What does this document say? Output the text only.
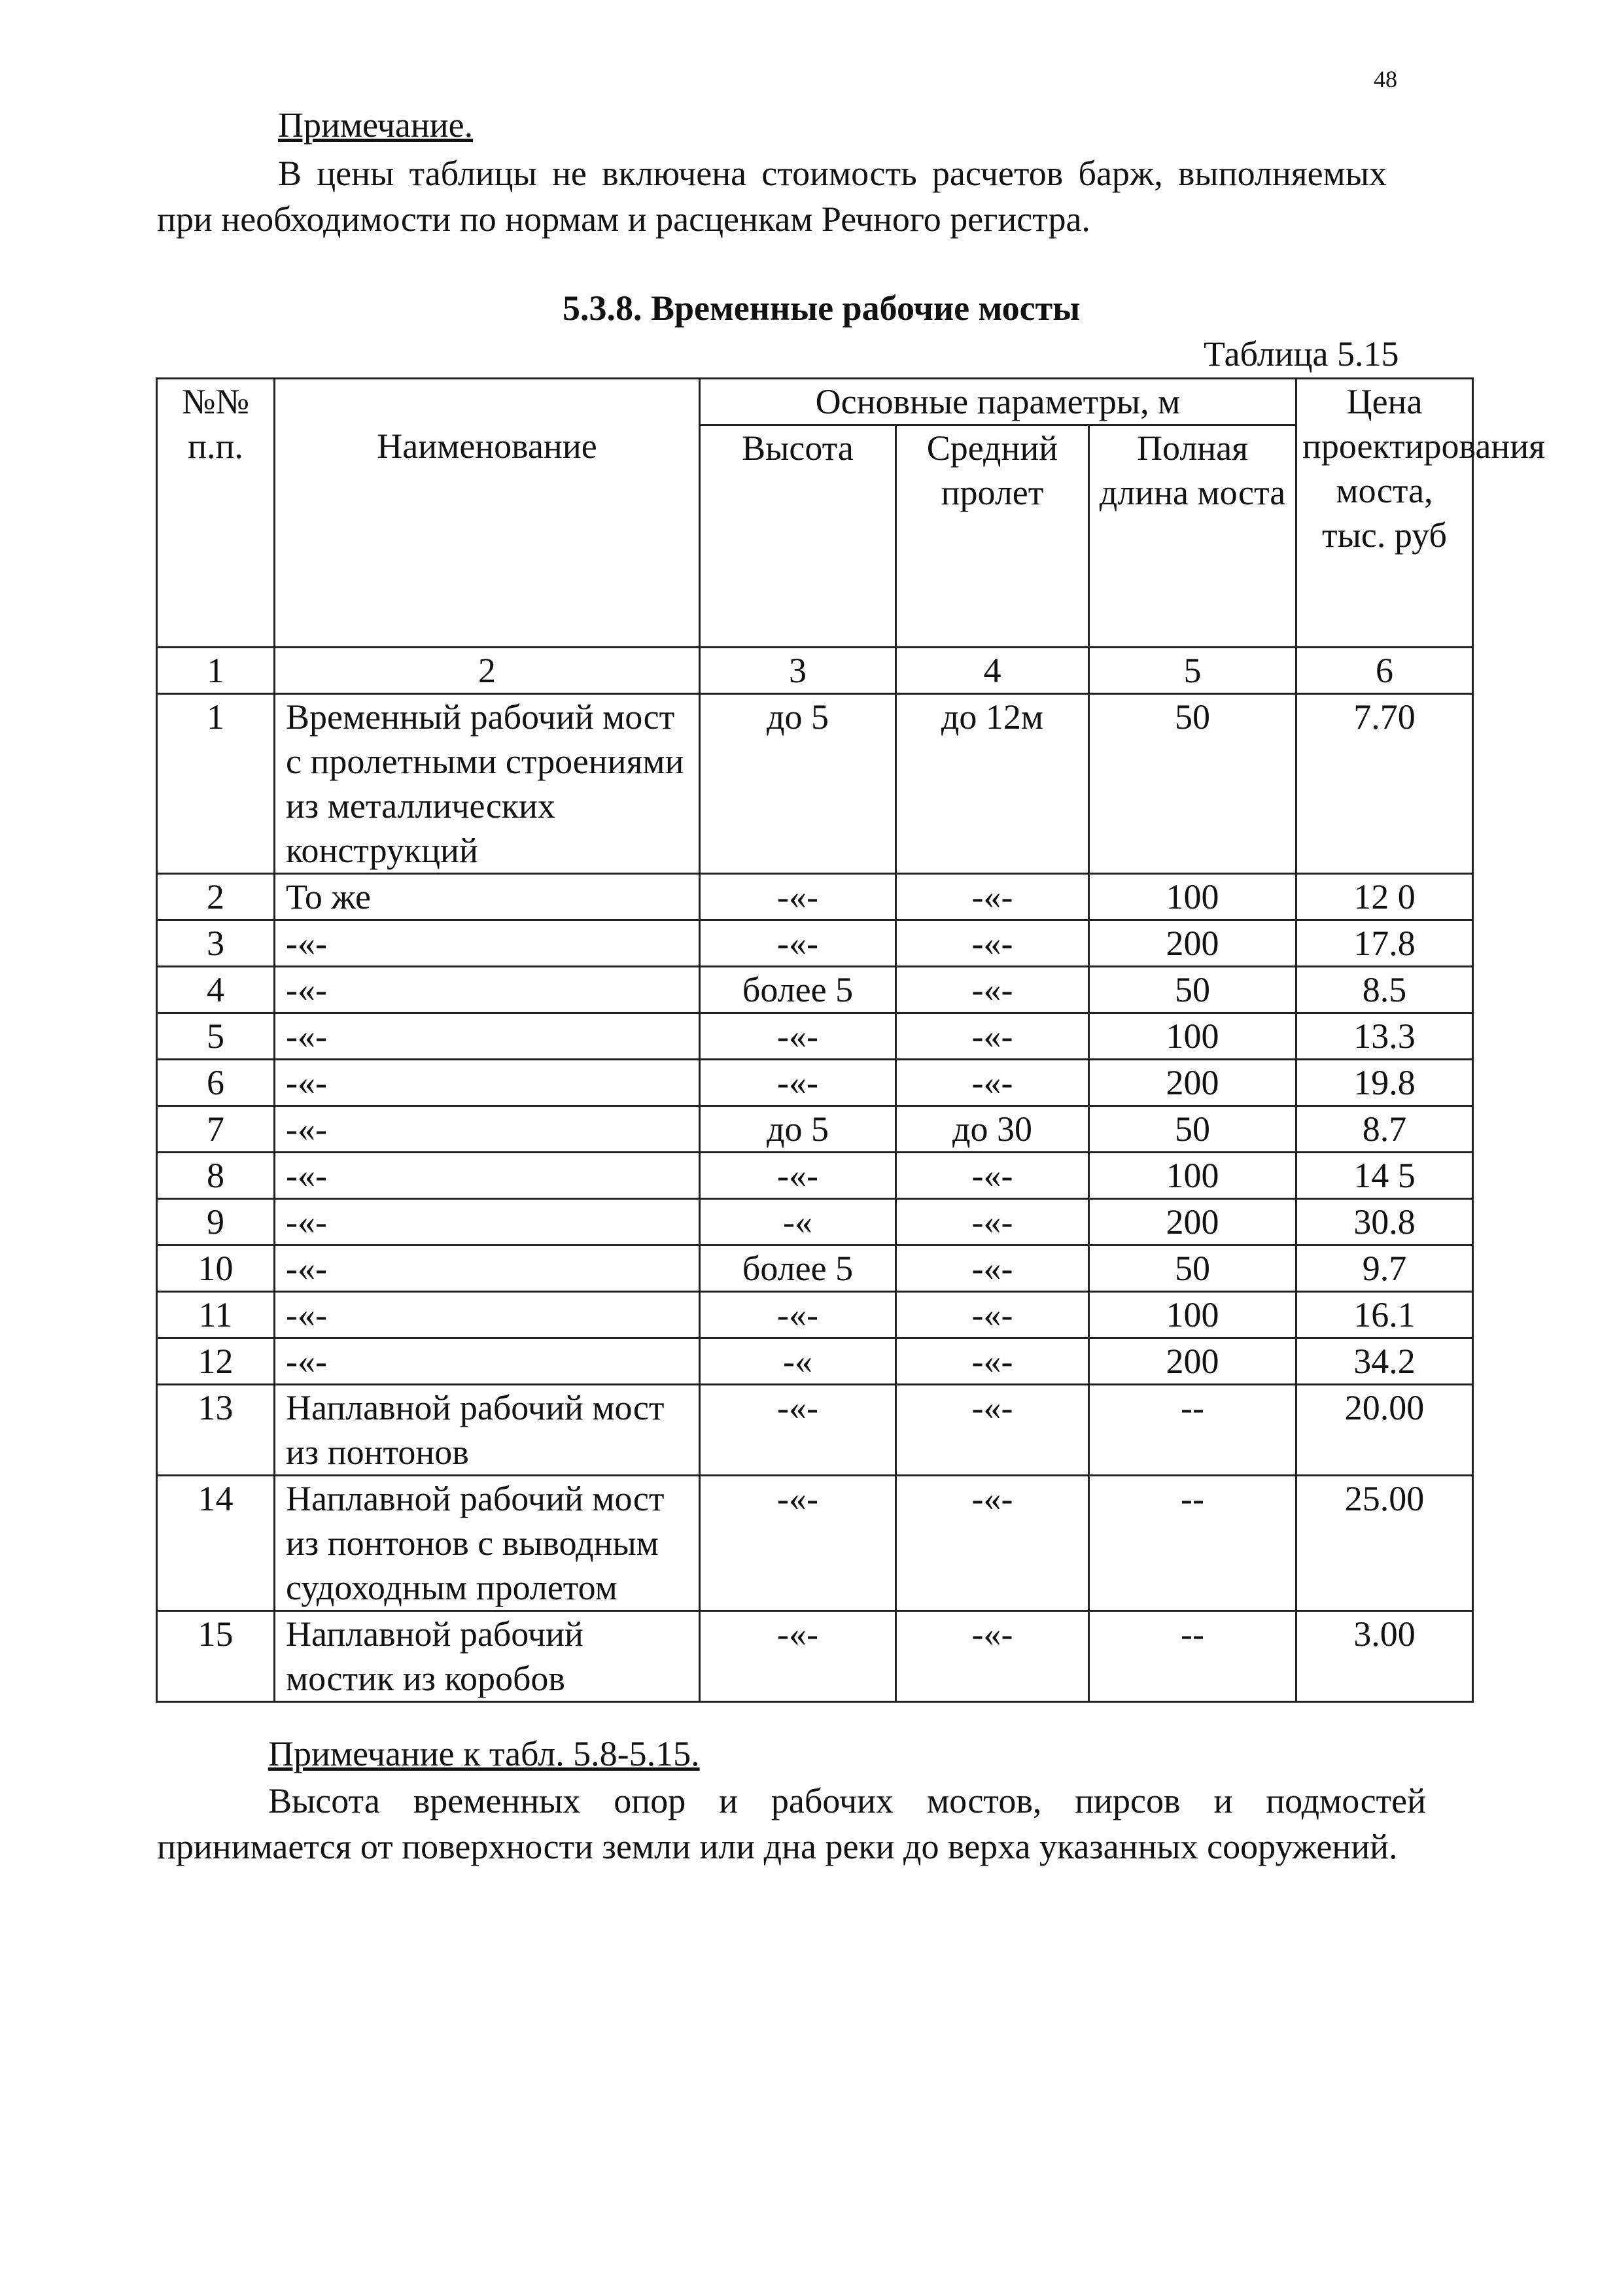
48
Примечание.
В цены таблицы не включена стоимость расчетов барж, выполняемых при необходимости по нормам и расценкам Речного регистра.
5.3.8. Временные рабочие мосты
Таблица 5.15
№№ п.п.	Наименование	Основные параметры, м			Цена проектирования моста, тыс. руб
		Высота	Средний пролет	Полная длина моста	
1	2	3	4	5	6
1	Временный рабочий мост с пролетными строениями из металлических конструкций	до 5	до 12м	50	7.70
2	То же	-«-	-«-	100	12 0
3	-«-	-«-	-«-	200	17.8
4	-«-	более 5	-«-	50	8.5
5	-«-	-«-	-«-	100	13.3
6	-«-	-«-	-«-	200	19.8
7	-«-	до 5	до 30	50	8.7
8	-«-	-«-	-«-	100	14 5
9	-«-	-«	-«-	200	30.8
10	-«-	более 5	-«-	50	9.7
11	-«-	-«-	-«-	100	16.1
12	-«-	-«	-«-	200	34.2
13	Наплавной рабочий мост из понтонов	-«-	-«-	--	20.00
14	Наплавной рабочий мост из понтонов с выводным судоходным пролетом	-«-	-«-	--	25.00
15	Наплавной рабочий мостик из коробов	-«-	-«-	--	3.00
Примечание к табл. 5.8-5.15.
Высота временных опор и рабочих мостов, пирсов и подмостей принимается от поверхности земли или дна реки до верха указанных сооружений.
